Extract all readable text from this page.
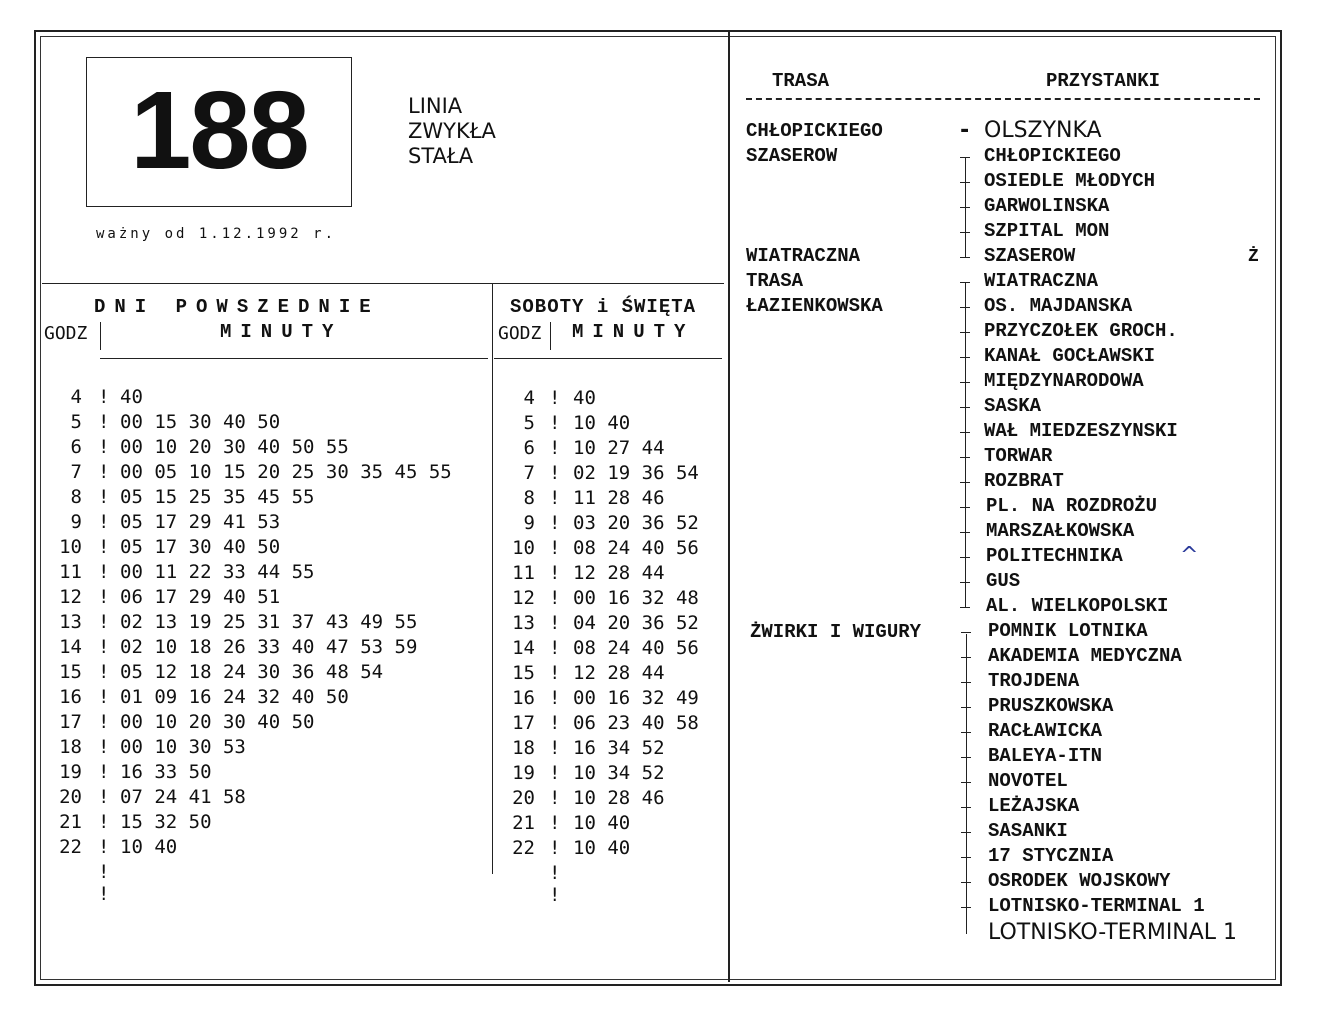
188	LINIA
ZWYKŁA
STAŁA
ważny od 1.12.1992 r.
DNI POWSZEDNIE
MINUTY
GODZ
SOBOTY i ŚWIĘTA
MINUTY
GODZ
4 ! 40
5 ! 00 15 30 40 50
6 ! 00 10 20 30 40 50 55
7 ! 00 05 10 15 20 25 30 35 45 55
8 ! 05 15 25 35 45 55
9 ! 05 17 29 41 53
10 ! 05 17 30 40 50
11 ! 00 11 22 33 44 55
12 ! 06 17 29 40 51
13 ! 02 13 19 25 31 37 43 49 55
14 ! 02 10 18 26 33 40 47 53 59
15 ! 05 12 18 24 30 36 48 54
16 ! 01 09 16 24 32 40 50
17 ! 00 10 20 30 40 50
18 ! 00 10 30 53
19 ! 16 33 50
20 ! 07 24 41 58
21 ! 15 32 50
22 ! 10 40
!
!
4 ! 40
5 ! 10 40
6 ! 10 27 44
7 ! 02 19 36 54
8 ! 11 28 46
9 ! 03 20 36 52
10 ! 08 24 40 56
11 ! 12 28 44
12 ! 00 16 32 48
13 ! 04 20 36 52
14 ! 08 24 40 56
15 ! 12 28 44
16 ! 00 16 32 49
17 ! 06 23 40 58
18 ! 16 34 52
19 ! 10 34 52
20 ! 10 28 46
21 ! 10 40
22 ! 10 40
!
!
TRASA	PRZYSTANKI
CHŁOPICKIEGO
SZASEROW
WIATRACZNA
TRASA
ŁAZIENKOWSKA
ŻWIRKI I WIGURY
- OLSZYNKA
CHŁOPICKIEGO
OSIEDLE MŁODYCH
GARWOLINSKA
SZPITAL MON
SZASEROW
WIATRACZNA
OS. MAJDANSKA
PRZYCZOŁEK GROCH.
KANAŁ GOCŁAWSKI
MIĘDZYNARODOWA
SASKA
WAŁ MIEDZESZYNSKI
TORWAR
ROZBRAT
PL. NA ROZDROŻU
MARSZAŁKOWSKA
POLITECHNIKA
GUS
AL. WIELKOPOLSKI
POMNIK LOTNIKA
AKADEMIA MEDYCZNA
TROJDENA
PRUSZKOWSKA
RACŁAWICKA
BALEYA-ITN
NOVOTEL
LEŻAJSKA
SASANKI
17 STYCZNIA
OSRODEK WOJSKOWY
LOTNISKO-TERMINAL 1
LOTNISKO-TERMINAL 1
Ż
^
